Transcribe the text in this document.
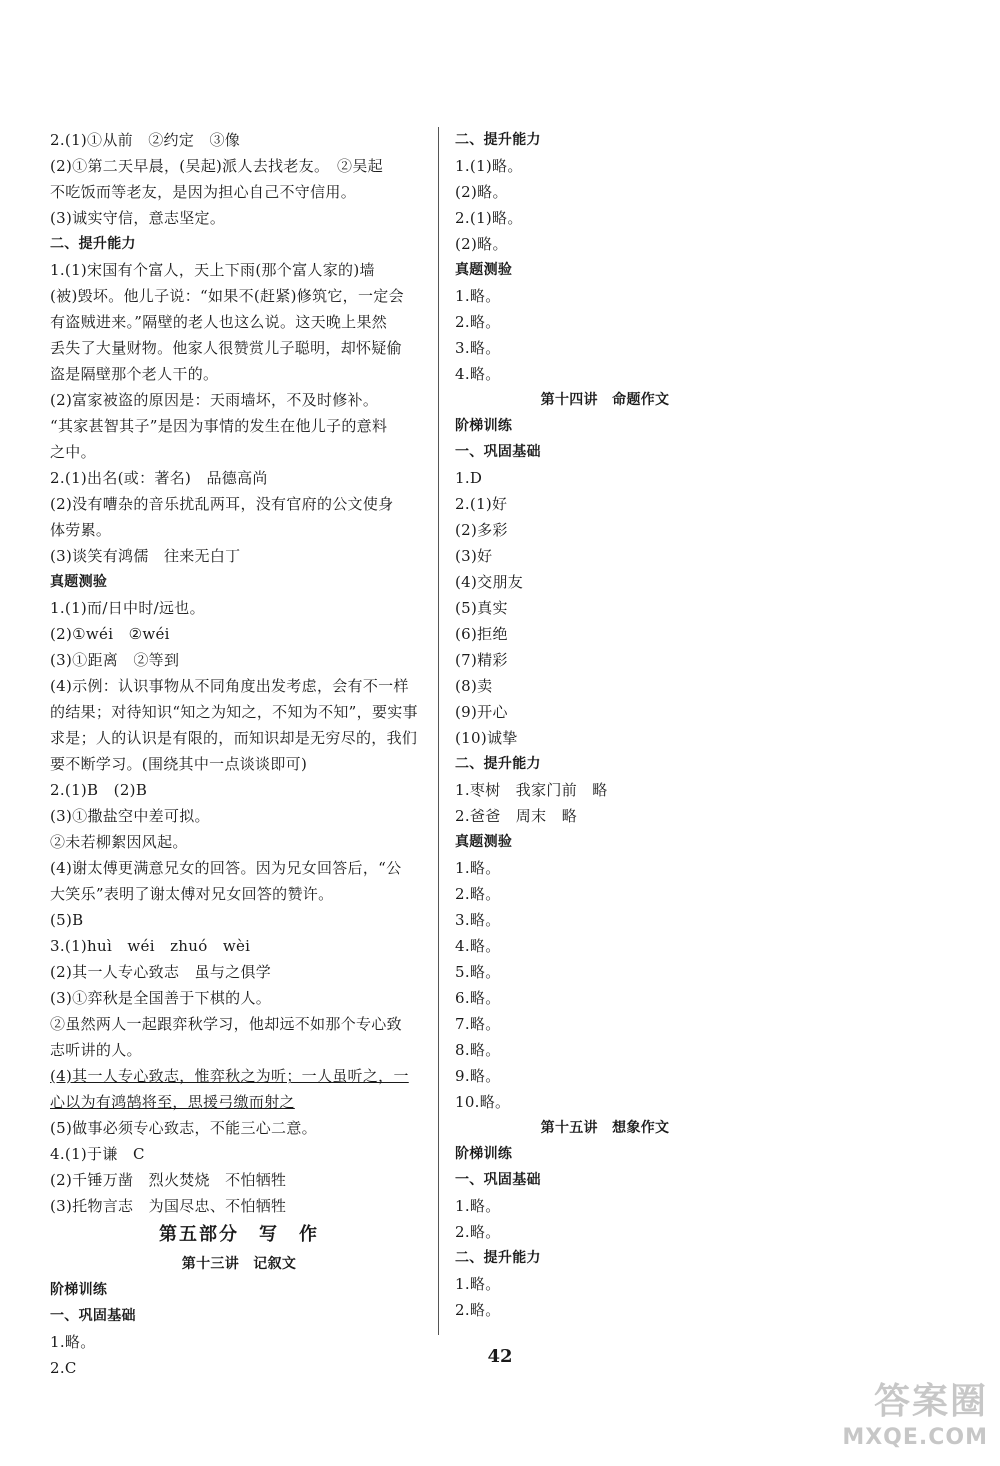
2.(1)①从前　②约定　③像

(2)①第二天早晨，(吴起)派人去找老友。　②吴起

不吃饭而等老友，是因为担心自己不守信用。

(3)诚实守信，意志坚定。

二、提升能力

1.(1)宋国有个富人，天上下雨(那个富人家的)墙

(被)毁坏。他儿子说：“如果不(赶紧)修筑它，一定会

有盗贼进来。”隔壁的老人也这么说。这天晚上果然

丢失了大量财物。他家人很赞赏儿子聪明，却怀疑偷

盗是隔壁那个老人干的。

(2)富家被盗的原因是：天雨墙坏，不及时修补。

“其家甚智其子”是因为事情的发生在他儿子的意料

之中。

2.(1)出名(或：著名)　品德高尚

(2)没有嘈杂的音乐扰乱两耳，没有官府的公文使身

体劳累。

(3)谈笑有鸿儒　往来无白丁

真题测验

1.(1)而/日中时/远也。

(2)①wéi　②wéi

(3)①距离　②等到

(4)示例：认识事物从不同角度出发考虑，会有不一样

的结果；对待知识“知之为知之，不知为不知”，要实事

求是；人的认识是有限的，而知识却是无穷尽的，我们

要不断学习。(围绕其中一点谈谈即可)

2.(1)B　(2)B

(3)①撒盐空中差可拟。

②未若柳絮因风起。

(4)谢太傅更满意兄女的回答。因为兄女回答后，“公

大笑乐”表明了谢太傅对兄女回答的赞许。

(5)B

3.(1)huì　wéi　zhuó　wèi

(2)其一人专心致志　虽与之俱学

(3)①弈秋是全国善于下棋的人。

②虽然两人一起跟弈秋学习，他却远不如那个专心致

志听讲的人。

(4)其一人专心致志，惟弈秋之为听；一人虽听之，一

心以为有鸿鹄将至，思援弓缴而射之

(5)做事必须专心致志，不能三心二意。

4.(1)于谦　C

(2)千锤万凿　烈火焚烧　不怕牺牲

(3)托物言志　为国尽忠、不怕牺牲

第五部分　写　作

第十三讲　记叙文

阶梯训练

一、巩固基础

1.略。

2.C

二、提升能力

1.(1)略。

(2)略。

2.(1)略。

(2)略。

真题测验

1.略。

2.略。

3.略。

4.略。

第十四讲　命题作文

阶梯训练

一、巩固基础

1.D

2.(1)好

(2)多彩

(3)好

(4)交朋友

(5)真实

(6)拒绝

(7)精彩

(8)卖

(9)开心

(10)诚挚

二、提升能力

1.枣树　我家门前　略

2.爸爸　周末　略

真题测验

1.略。

2.略。

3.略。

4.略。

5.略。

6.略。

7.略。

8.略。

9.略。

10.略。

第十五讲　想象作文

阶梯训练

一、巩固基础

1.略。

2.略。

二、提升能力

1.略。

2.略。

42
答案圈
MXQE.COM
